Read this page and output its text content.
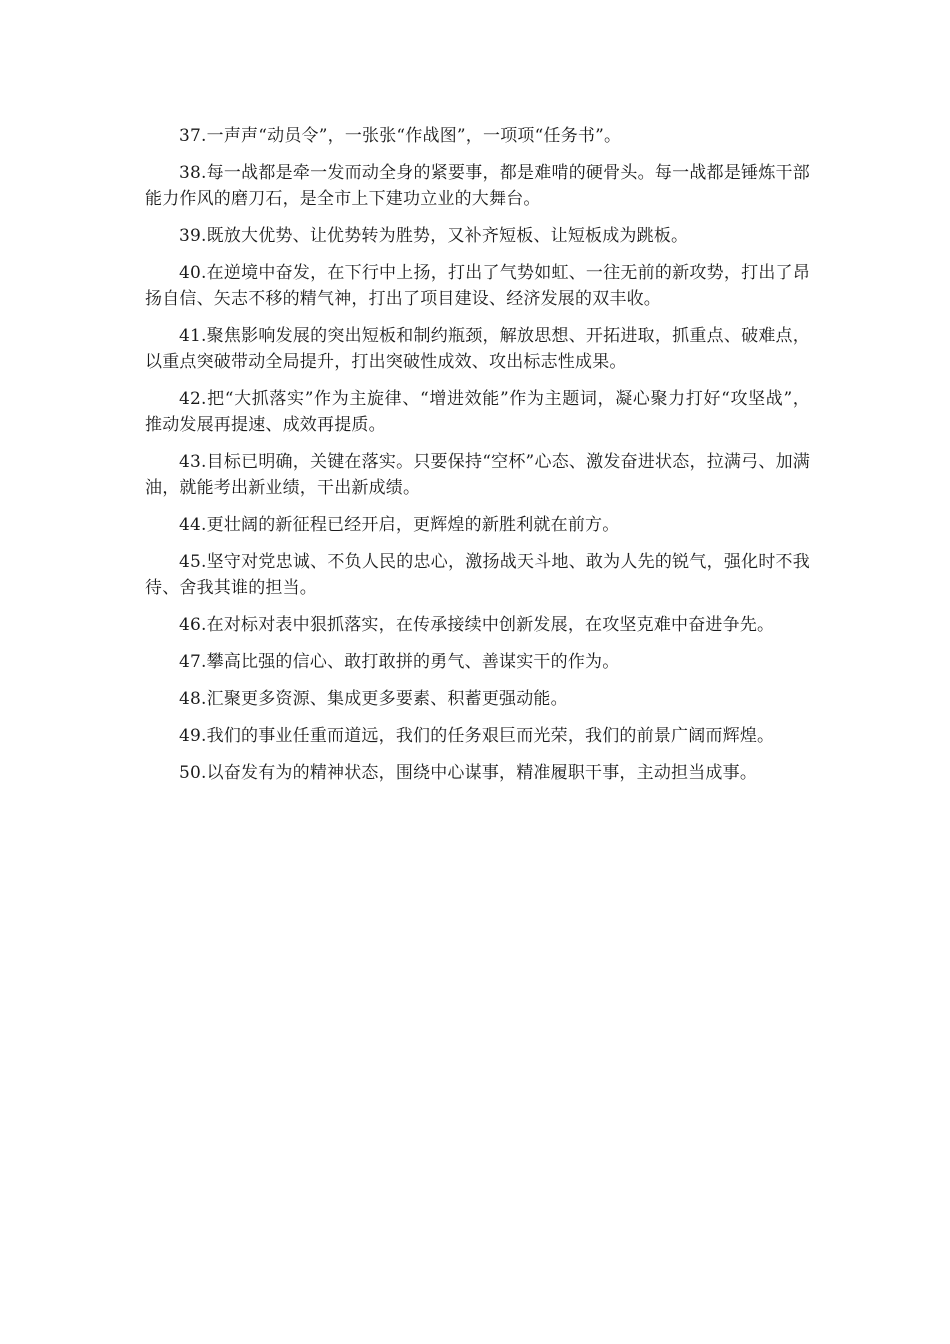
37.一声声“动员令”，一张张“作战图”，一项项“任务书”。

38.每一战都是牵一发而动全身的紧要事，都是难啃的硬骨头。每一战都是锤炼干部能力作风的磨刀石，是全市上下建功立业的大舞台。

39.既放大优势、让优势转为胜势，又补齐短板、让短板成为跳板。

40.在逆境中奋发，在下行中上扬，打出了气势如虹、一往无前的新攻势，打出了昂扬自信、矢志不移的精气神，打出了项目建设、经济发展的双丰收。

41.聚焦影响发展的突出短板和制约瓶颈，解放思想、开拓进取，抓重点、破难点，以重点突破带动全局提升，打出突破性成效、攻出标志性成果。

42.把“大抓落实”作为主旋律、“增进效能”作为主题词，凝心聚力打好“攻坚战”，推动发展再提速、成效再提质。

43.目标已明确，关键在落实。只要保持“空杯”心态、激发奋进状态，拉满弓、加满油，就能考出新业绩，干出新成绩。

44.更壮阔的新征程已经开启，更辉煌的新胜利就在前方。

45.坚守对党忠诚、不负人民的忠心，激扬战天斗地、敢为人先的锐气，强化时不我待、舍我其谁的担当。

46.在对标对表中狠抓落实，在传承接续中创新发展，在攻坚克难中奋进争先。

47.攀高比强的信心、敢打敢拼的勇气、善谋实干的作为。

48.汇聚更多资源、集成更多要素、积蓄更强动能。

49.我们的事业任重而道远，我们的任务艰巨而光荣，我们的前景广阔而辉煌。

50.以奋发有为的精神状态，围绕中心谋事，精准履职干事，主动担当成事。
